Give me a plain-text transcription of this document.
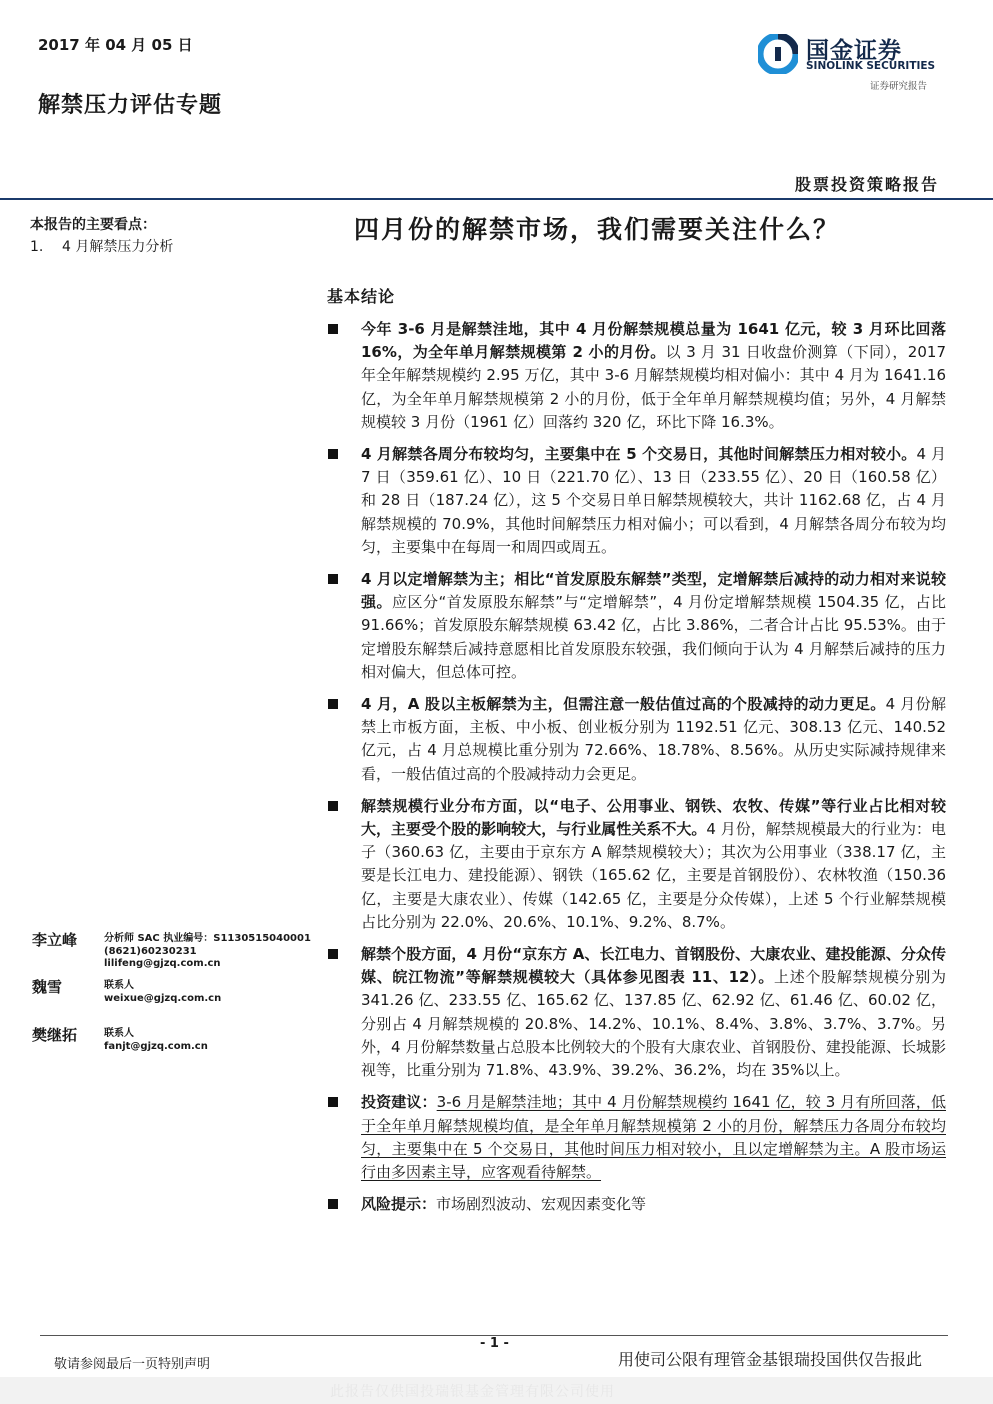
2017 年 04 月 05 日
解禁压力评估专题
国金证券
SINOLINK SECURITIES
证券研究报告
股票投资策略报告
本报告的主要看点：
1. 4 月解禁压力分析
四月份的解禁市场，我们需要关注什么？
基本结论
今年 3-6 月是解禁洼地，其中 4 月份解禁规模总量为 1641 亿元，较 3 月环比回落 16%，为全年单月解禁规模第 2 小的月份。以 3 月 31 日收盘价测算（下同），2017 年全年解禁规模约 2.95 万亿，其中 3-6 月解禁规模均相对偏小：其中 4 月为 1641.16 亿，为全年单月解禁规模第 2 小的月份，低于全年单月解禁规模均值；另外，4 月解禁规模较 3 月份（1961 亿）回落约 320 亿，环比下降 16.3%。
4 月解禁各周分布较均匀，主要集中在 5 个交易日，其他时间解禁压力相对较小。4 月 7 日（359.61 亿）、10 日（221.70 亿）、13 日（233.55 亿）、20 日（160.58 亿）和 28 日（187.24 亿），这 5 个交易日单日解禁规模较大，共计 1162.68 亿，占 4 月解禁规模的 70.9%，其他时间解禁压力相对偏小；可以看到，4 月解禁各周分布较为均匀，主要集中在每周一和周四或周五。
4 月以定增解禁为主；相比“首发原股东解禁”类型，定增解禁后减持的动力相对来说较强。应区分“首发原股东解禁”与“定增解禁”，4 月份定增解禁规模 1504.35 亿，占比 91.66%；首发原股东解禁规模 63.42 亿，占比 3.86%，二者合计占比 95.53%。由于定增股东解禁后减持意愿相比首发原股东较强，我们倾向于认为 4 月解禁后减持的压力相对偏大，但总体可控。
4 月，A 股以主板解禁为主，但需注意一般估值过高的个股减持的动力更足。4 月份解禁上市板方面，主板、中小板、创业板分别为 1192.51 亿元、308.13 亿元、140.52 亿元，占 4 月总规模比重分别为 72.66%、18.78%、8.56%。从历史实际减持规律来看，一般估值过高的个股减持动力会更足。
解禁规模行业分布方面，以“电子、公用事业、钢铁、农牧、传媒”等行业占比相对较大，主要受个股的影响较大，与行业属性关系不大。4 月份，解禁规模最大的行业为：电子（360.63 亿，主要由于京东方 A 解禁规模较大）；其次为公用事业（338.17 亿，主要是长江电力、建投能源）、钢铁（165.62 亿，主要是首钢股份）、农林牧渔（150.36 亿，主要是大康农业）、传媒（142.65 亿，主要是分众传媒），上述 5 个行业解禁规模占比分别为 22.0%、20.6%、10.1%、9.2%、8.7%。
解禁个股方面，4 月份“京东方 A、长江电力、首钢股份、大康农业、建投能源、分众传媒、皖江物流”等解禁规模较大（具体参见图表 11、12）。上述个股解禁规模分别为 341.26 亿、233.55 亿、165.62 亿、137.85 亿、62.92 亿、61.46 亿、60.02 亿，分别占 4 月解禁规模的 20.8%、14.2%、10.1%、8.4%、3.8%、3.7%、3.7%。另外，4 月份解禁数量占总股本比例较大的个股有大康农业、首钢股份、建投能源、长城影视等，比重分别为 71.8%、43.9%、39.2%、36.2%，均在 35%以上。
投资建议：3-6 月是解禁洼地；其中 4 月份解禁规模约 1641 亿，较 3 月有所回落，低于全年单月解禁规模均值，是全年单月解禁规模第 2 小的月份，解禁压力各周分布较均匀，主要集中在 5 个交易日，其他时间压力相对较小，且以定增解禁为主。A 股市场运行由多因素主导，应客观看待解禁。
风险提示：市场剧烈波动、宏观因素变化等
李立峰	分析师 SAC 执业编号：S1130515040001
(8621)60230231
lilifeng@gjzq.com.cn
魏雪	联系人
weixue@gjzq.com.cn
樊继拓	联系人
fanjt@gjzq.com.cn
- 1 -
敬请参阅最后一页特别声明	用使司公限有理管金基银瑞投国供仅告报此
此报告仅供国投瑞银基金管理有限公司使用
